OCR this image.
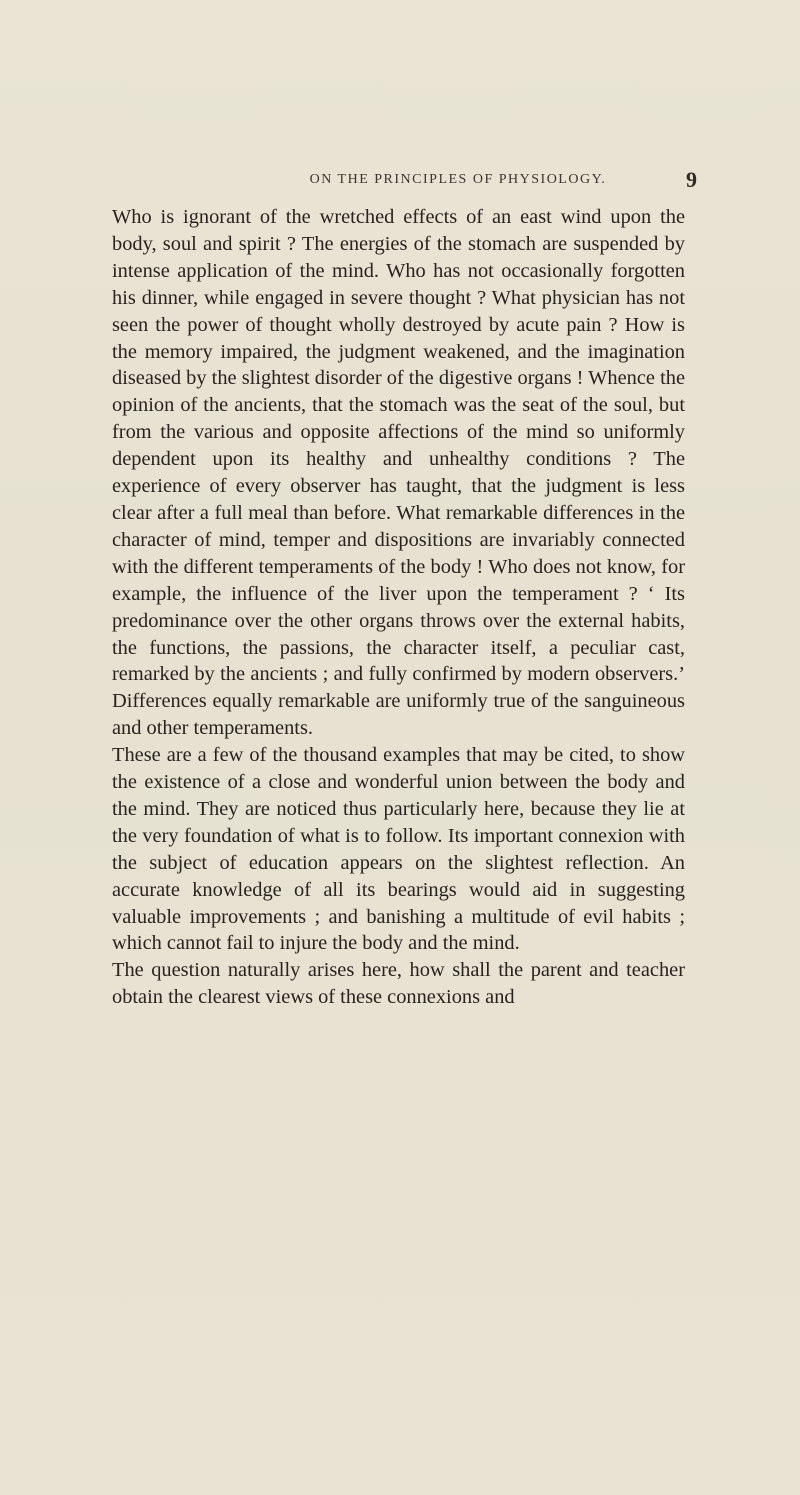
ON THE PRINCIPLES OF PHYSIOLOGY.	9

Who is ignorant of the wretched effects of an east wind upon the body, soul and spirit ? The energies of the stomach are suspended by intense application of the mind. Who has not occasionally forgotten his dinner, while engaged in severe thought ? What physician has not seen the power of thought wholly destroyed by acute pain ? How is the memory impaired, the judgment weakened, and the imagination diseased by the slightest disorder of the digestive organs ! Whence the opinion of the ancients, that the stomach was the seat of the soul, but from the various and opposite affections of the mind so uniformly dependent upon its healthy and unhealthy conditions ? The experience of every observer has taught, that the judgment is less clear after a full meal than before. What remarkable differences in the character of mind, temper and dispositions are invariably connected with the different temperaments of the body ! Who does not know, for example, the influence of the liver upon the temperament ? ‘ Its predominance over the other organs throws over the external habits, the functions, the passions, the character itself, a peculiar cast, remarked by the ancients ; and fully confirmed by modern observers.’ Differences equally remarkable are uniformly true of the sanguineous and other temperaments.

These are a few of the thousand examples that may be cited, to show the existence of a close and wonderful union between the body and the mind. They are noticed thus particularly here, because they lie at the very foundation of what is to follow. Its important connexion with the subject of education appears on the slightest reflection. An accurate knowledge of all its bearings would aid in suggesting valuable improvements ; and banishing a multitude of evil habits ; which cannot fail to injure the body and the mind.

The question naturally arises here, how shall the parent and teacher obtain the clearest views of these connexions and
